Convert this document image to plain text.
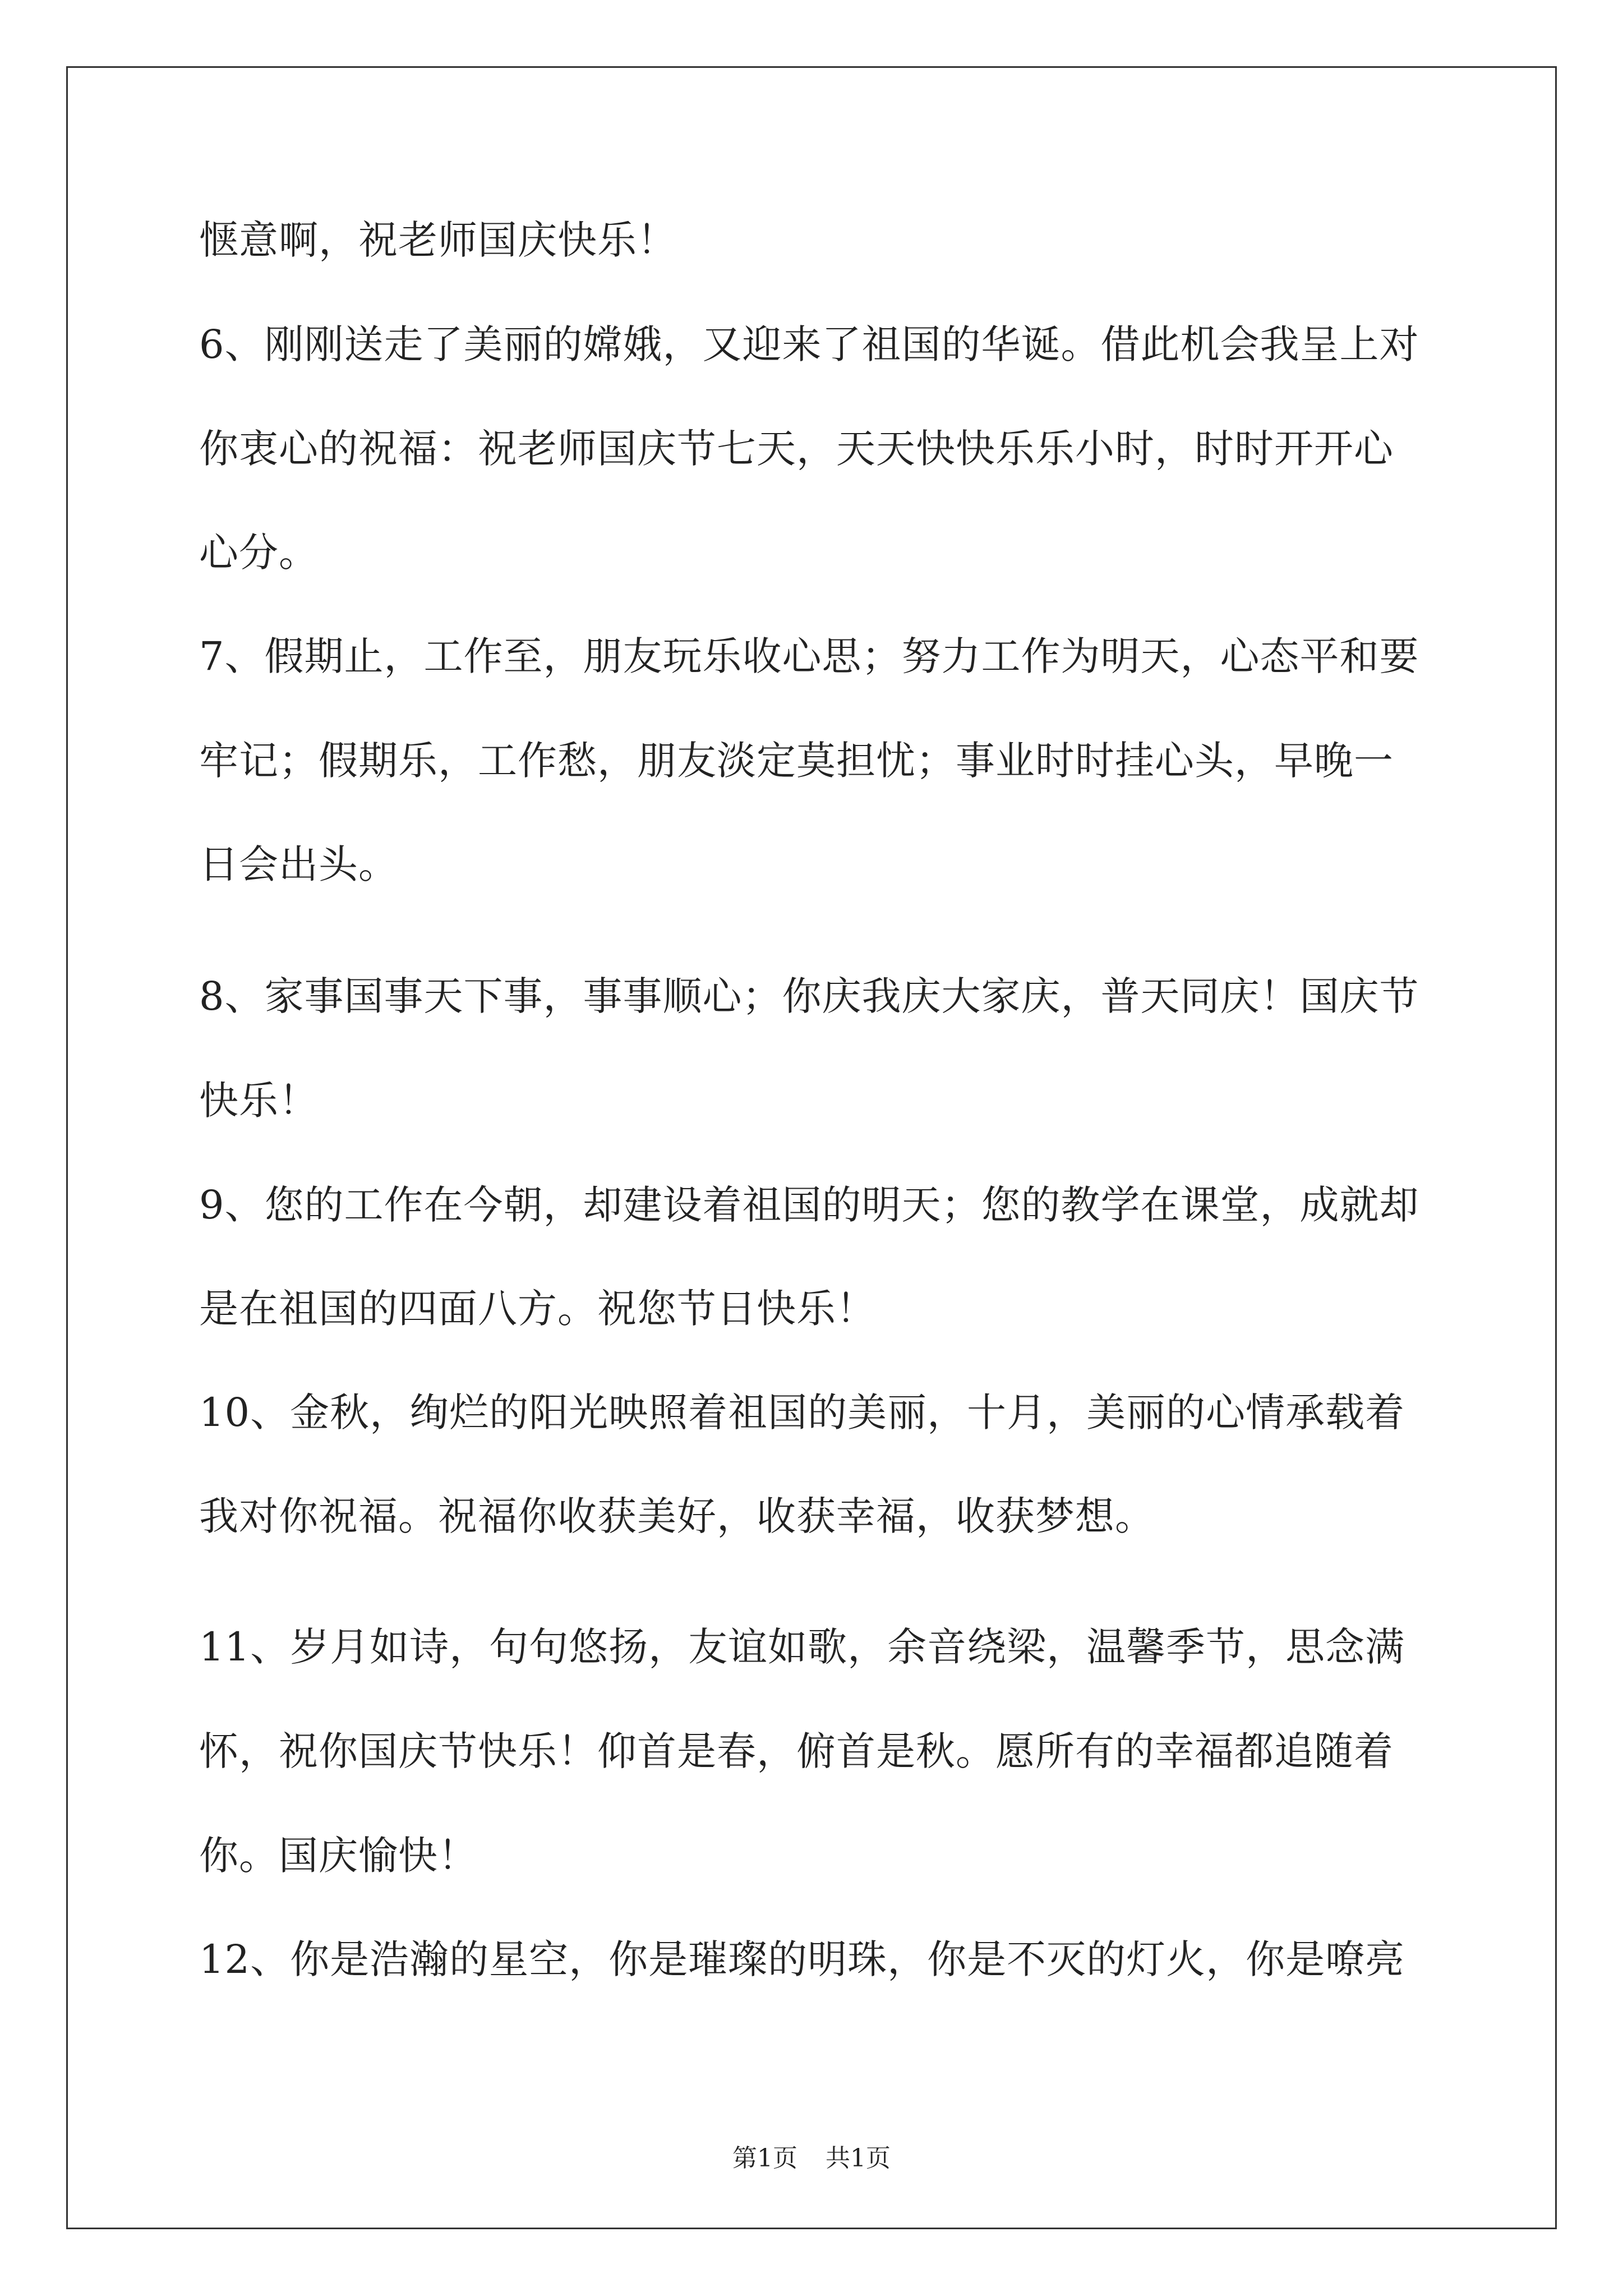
惬意啊，祝老师国庆快乐！
6、刚刚送走了美丽的嫦娥，又迎来了祖国的华诞。借此机会我呈上对
你衷心的祝福：祝老师国庆节七天，天天快快乐乐小时，时时开开心
心分。
7、假期止，工作至，朋友玩乐收心思；努力工作为明天，心态平和要
牢记；假期乐，工作愁，朋友淡定莫担忧；事业时时挂心头，早晚一
日会出头。
8、家事国事天下事，事事顺心；你庆我庆大家庆，普天同庆！国庆节
快乐！
9、您的工作在今朝，却建设着祖国的明天；您的教学在课堂，成就却
是在祖国的四面八方。祝您节日快乐！
10、金秋，绚烂的阳光映照着祖国的美丽，十月，美丽的心情承载着
我对你祝福。祝福你收获美好，收获幸福，收获梦想。
11、岁月如诗，句句悠扬，友谊如歌，余音绕梁，温馨季节，思念满
怀，祝你国庆节快乐！仰首是春，俯首是秋。愿所有的幸福都追随着
你。国庆愉快！
12、你是浩瀚的星空，你是璀璨的明珠，你是不灭的灯火，你是嘹亮
第1页 共1页
